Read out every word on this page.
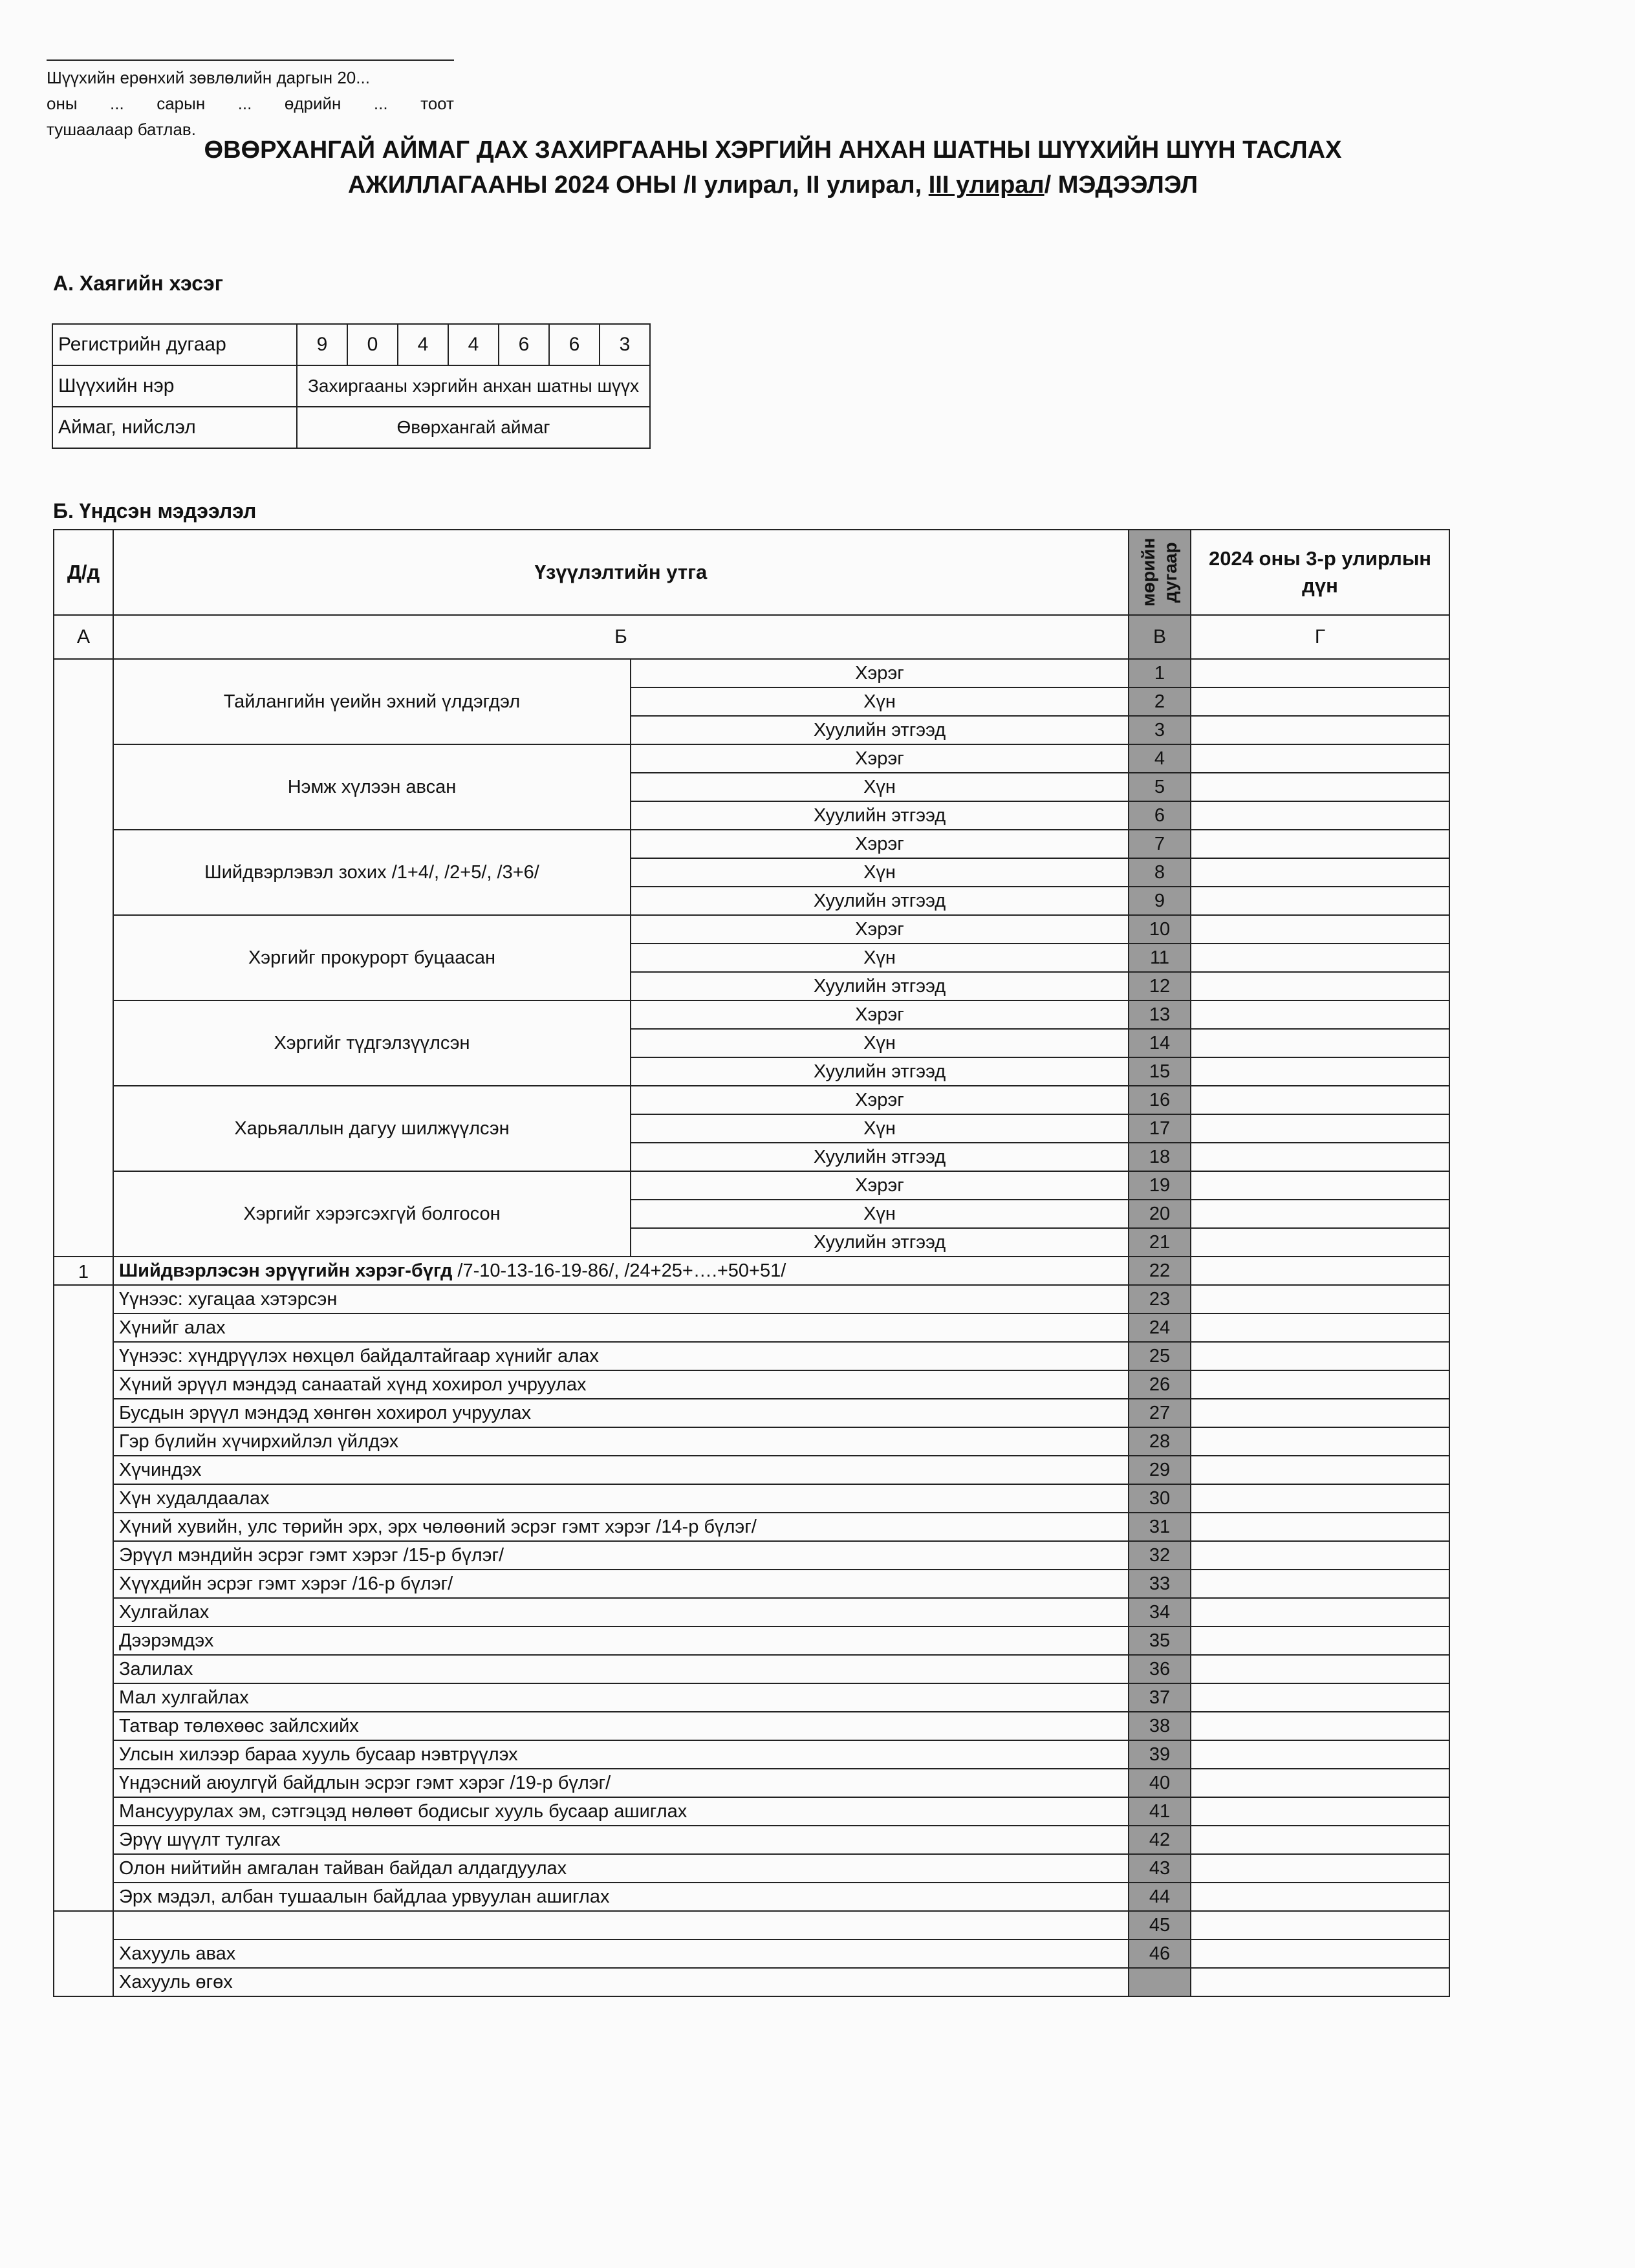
Шүүхийн ерөнхий зөвлөлийн даргын 20...
оны ... сарын ... өдрийн ... тоот
тушаалаар батлав.
ӨВӨРХАНГАЙ АЙМАГ ДАХ ЗАХИРГААНЫ ХЭРГИЙН АНХАН ШАТНЫ ШҮҮХИЙН ШҮҮН ТАСЛАХ
АЖИЛЛАГААНЫ 2024 ОНЫ /I улирал, II улирал, III улирал/ МЭДЭЭЛЭЛ
А. Хаягийн хэсэг
Регистрийн дугаар	9	0	4	4	6	6	3
Шүүхийн нэр	Захиргааны хэргийн анхан шатны шүүх						
Аймаг, нийслэл	Өвөрхангай аймаг						
Б. Үндсэн мэдээлэл
Д/д	Үзүүлэлтийн утга		мөрийн дугаар	2024 оны 3-р улирлын дүн
А	Б		В	Г
	Тайлангийн үеийн эхний үлдэгдэл	Хэрэг	1	
		Хүн	2	
		Хуулийн этгээд	3	
	Нэмж хүлээн авсан	Хэрэг	4	
		Хүн	5	
		Хуулийн этгээд	6	
	Шийдвэрлэвэл зохих /1+4/, /2+5/, /3+6/	Хэрэг	7	
		Хүн	8	
		Хуулийн этгээд	9	
	Хэргийг прокурорт буцаасан	Хэрэг	10	
		Хүн	11	
		Хуулийн этгээд	12	
	Хэргийг түдгэлзүүлсэн	Хэрэг	13	
		Хүн	14	
		Хуулийн этгээд	15	
	Харьяаллын дагуу шилжүүлсэн	Хэрэг	16	
		Хүн	17	
		Хуулийн этгээд	18	
	Хэргийг хэрэгсэхгүй болгосон	Хэрэг	19	
		Хүн	20	
		Хуулийн этгээд	21	
1	Шийдвэрлэсэн эрүүгийн хэрэг-бүгд /7-10-13-16-19-86/, /24+25+….+50+51/		22	
	Үүнээс: хугацаа хэтэрсэн		23	
	Хүнийг алах		24	
	Үүнээс: хүндрүүлэх нөхцөл байдалтайгаар хүнийг алах		25	
	Хүний эрүүл мэндэд санаатай хүнд хохирол учруулах		26	
	Бусдын эрүүл мэндэд хөнгөн хохирол учруулах		27	
	Гэр бүлийн хүчирхийлэл үйлдэх		28	
	Хүчиндэх		29	
	Хүн худалдаалах		30	
	Хүний хувийн, улс төрийн эрх, эрх чөлөөний эсрэг гэмт хэрэг /14-р бүлэг/		31	
	Эрүүл мэндийн эсрэг гэмт хэрэг /15-р бүлэг/		32	
	Хүүхдийн эсрэг гэмт хэрэг /16-р бүлэг/		33	
	Хулгайлах		34	
	Дээрэмдэх		35	
	Залилах		36	
	Мал хулгайлах		37	
	Татвар төлөхөөс зайлсхийх		38	
	Улсын хилээр бараа хууль бусаар нэвтрүүлэх		39	
	Үндэсний аюулгүй байдлын эсрэг гэмт хэрэг /19-р бүлэг/		40	
	Мансуурулах эм, сэтгэцэд нөлөөт бодисыг хууль бусаар ашиглах		41	
	Эрүү шүүлт тулгах		42	
	Олон нийтийн амгалан тайван байдал алдагдуулах		43	
	Эрх мэдэл, албан тушаалын байдлаа урвуулан ашиглах		44	
			45	
	Хахууль авах		46	
	Хахууль өгөх			
